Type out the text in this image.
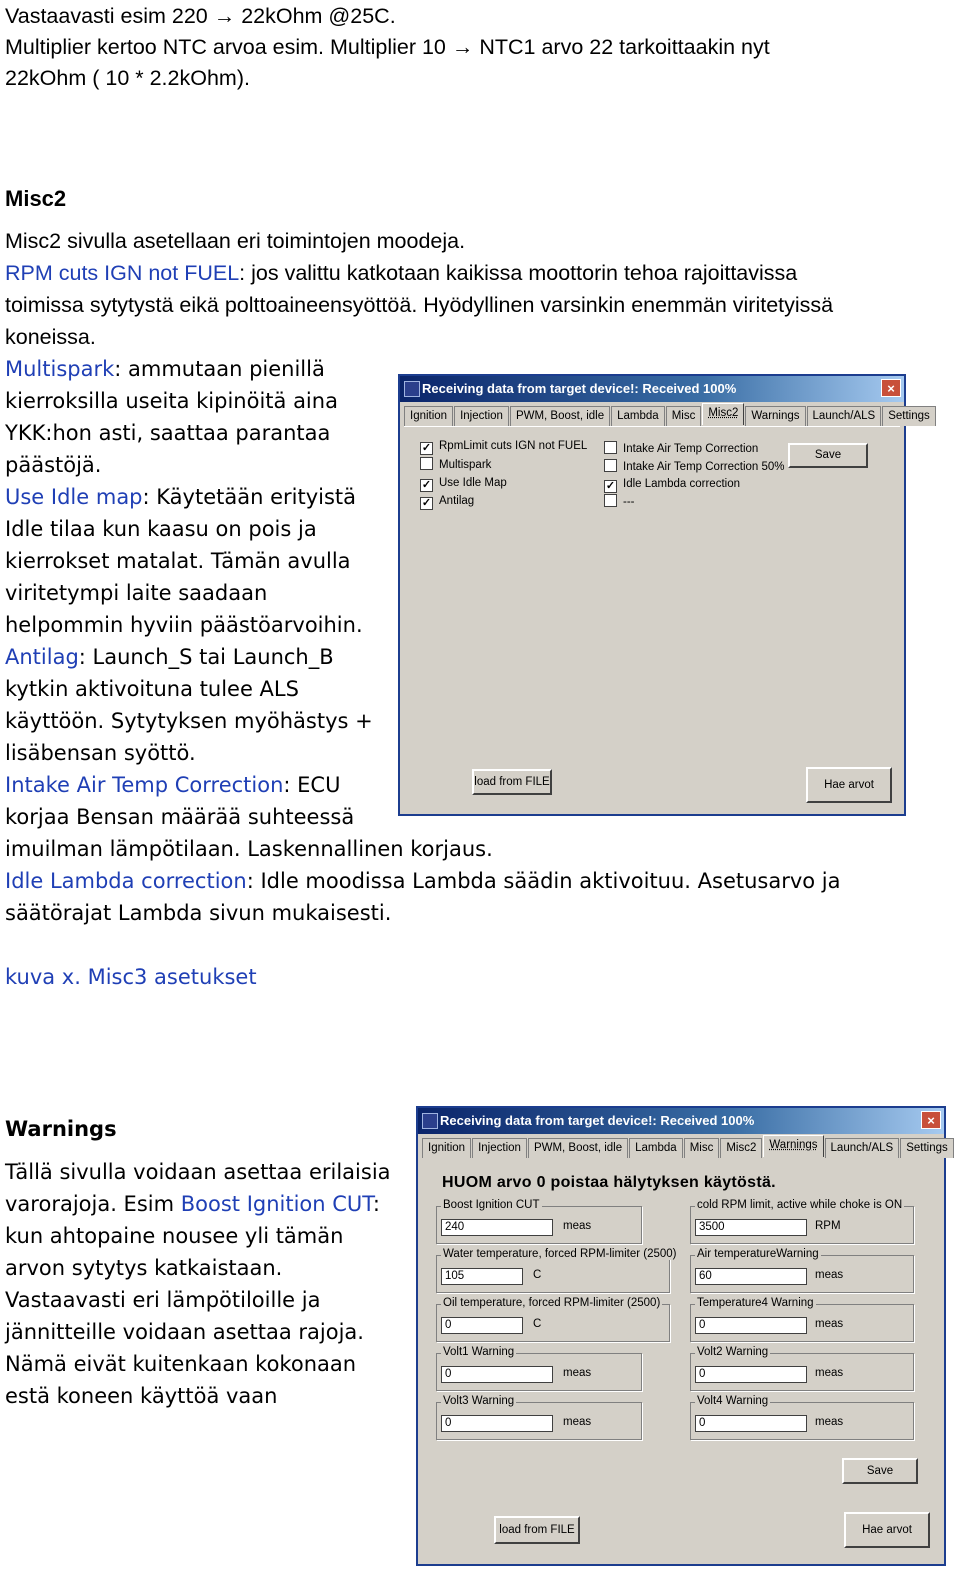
Vastaavasti esim 220 → 22kOhm @25C.
Multiplier kertoo NTC arvoa esim. Multiplier 10 → NTC1 arvo 22 tarkoittaakin nyt
22kOhm ( 10 * 2.2kOhm).
Misc2
Misc2 sivulla asetellaan eri toimintojen moodeja.
RPM cuts IGN not FUEL: jos valittu katkotaan kaikissa moottorin tehoa rajoittavissa
toimissa sytytystä eikä polttoaineensyöttöä. Hyödyllinen varsinkin enemmän viritetyissä
koneissa.
Multispark: ammutaan pienillä
kierroksilla useita kipinöitä aina
YKK:hon asti, saattaa parantaa
päästöjä.
Use Idle map: Käytetään erityistä
Idle tilaa kun kaasu on pois ja
kierrokset matalat. Tämän avulla
viritetympi laite saadaan
helpommin hyviin päästöarvoihin.
Antilag: Launch_S tai Launch_B
kytkin aktivoituna tulee ALS
käyttöön. Sytytyksen myöhästys +
lisäbensan syöttö.
Intake Air Temp Correction: ECU
korjaa Bensan määrää suhteessä
imuilman lämpötilaan. Laskennallinen korjaus.
Idle Lambda correction: Idle moodissa Lambda säädin aktivoituu. Asetusarvo ja
säätörajat Lambda sivun mukaisesti.
kuva x. Misc3 asetukset
Receiving data from target device!: Received 100%	×
Ignition	Injection	PWM, Boost, idle	Lambda	Misc	Misc2	Warnings	Launch/ALS	Settings
✓ RpmLimit cuts IGN not FUEL
Multispark
✓ Use Idle Map
✓ Antilag
Intake Air Temp Correction
Intake Air Temp Correction 50%
✓ Idle Lambda correction
---
Save
load from FILE	Hae arvot
Warnings
Tällä sivulla voidaan asettaa erilaisia
varorajoja. Esim Boost Ignition CUT:
kun ahtopaine nousee yli tämän
arvon sytytys katkaistaan.
Vastaavasti eri lämpötiloille ja
jännitteille voidaan asettaa rajoja.
Nämä eivät kuitenkaan kokonaan
estä koneen käyttöä vaan
Receiving data from target device!: Received 100%	×
Ignition	Injection	PWM, Boost, idle	Lambda	Misc	Misc2	Warnings	Launch/ALS	Settings
HUOM arvo 0 poistaa hälytyksen käytöstä.
Boost Ignition CUT
240	meas
cold RPM limit, active while choke is ON
3500	RPM
Water temperature, forced RPM-limiter (2500)
105	C
Air temperatureWarning
60	meas
Oil temperature, forced RPM-limiter (2500)
0	C
Temperature4 Warning
0	meas
Volt1 Warning
0	meas
Volt2 Warning
0	meas
Volt3 Warning
0	meas
Volt4 Warning
0	meas
Save
load from FILE	Hae arvot
